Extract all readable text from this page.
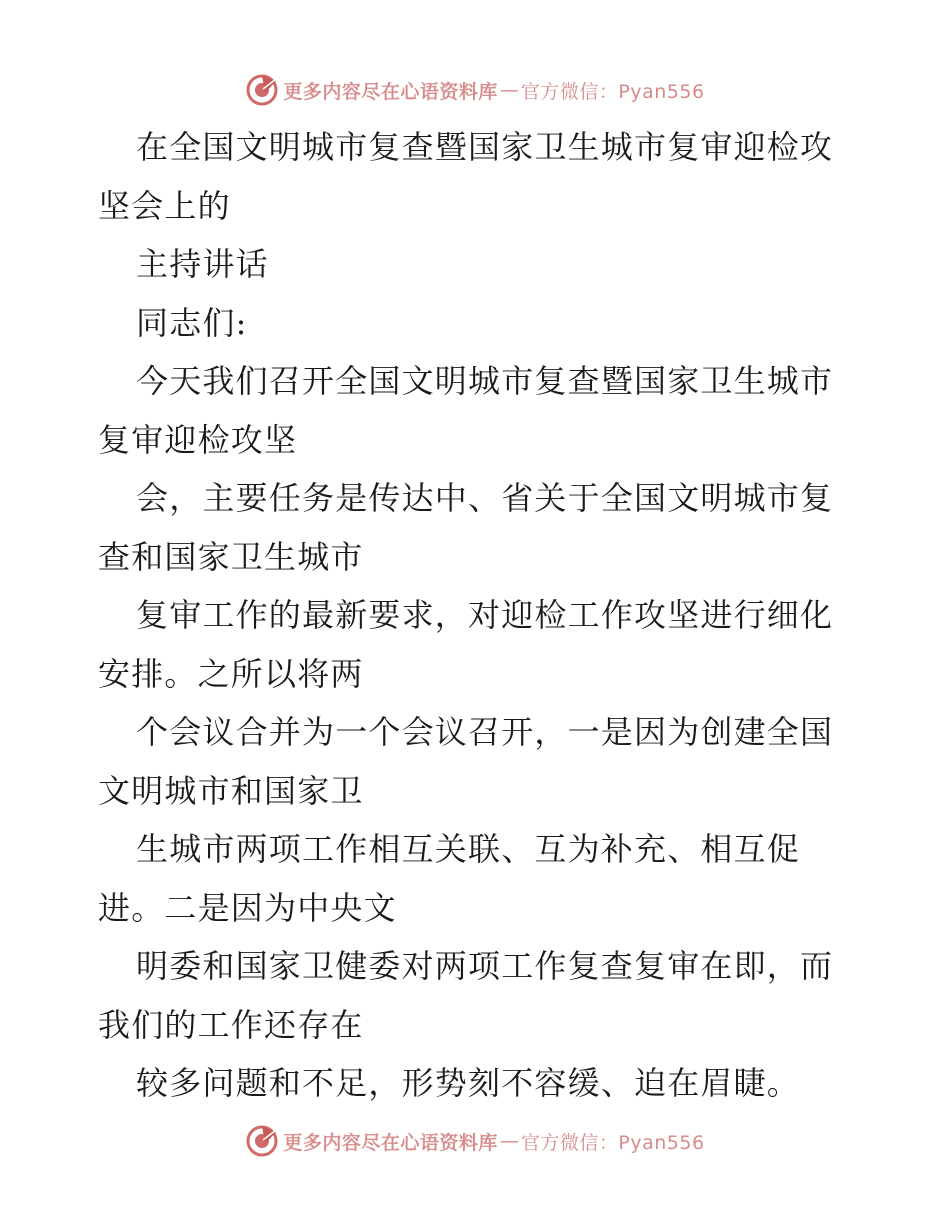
更多内容尽在心语资料库 — 官方微信：Pyan556
在全国文明城市复查暨国家卫生城市复审迎检攻
坚会上的
主持讲话
同志们:
今天我们召开全国文明城市复查暨国家卫生城市
复审迎检攻坚
会，主要任务是传达中、省关于全国文明城市复
查和国家卫生城市
复审工作的最新要求，对迎检工作攻坚进行细化
安排。之所以将两
个会议合并为一个会议召开，一是因为创建全国
文明城市和国家卫
生城市两项工作相互关联、互为补充、相互促
进。二是因为中央文
明委和国家卫健委对两项工作复查复审在即，而
我们的工作还存在
较多问题和不足，形势刻不容缓、迫在眉睫。
更多内容尽在心语资料库 — 官方微信：Pyan556
